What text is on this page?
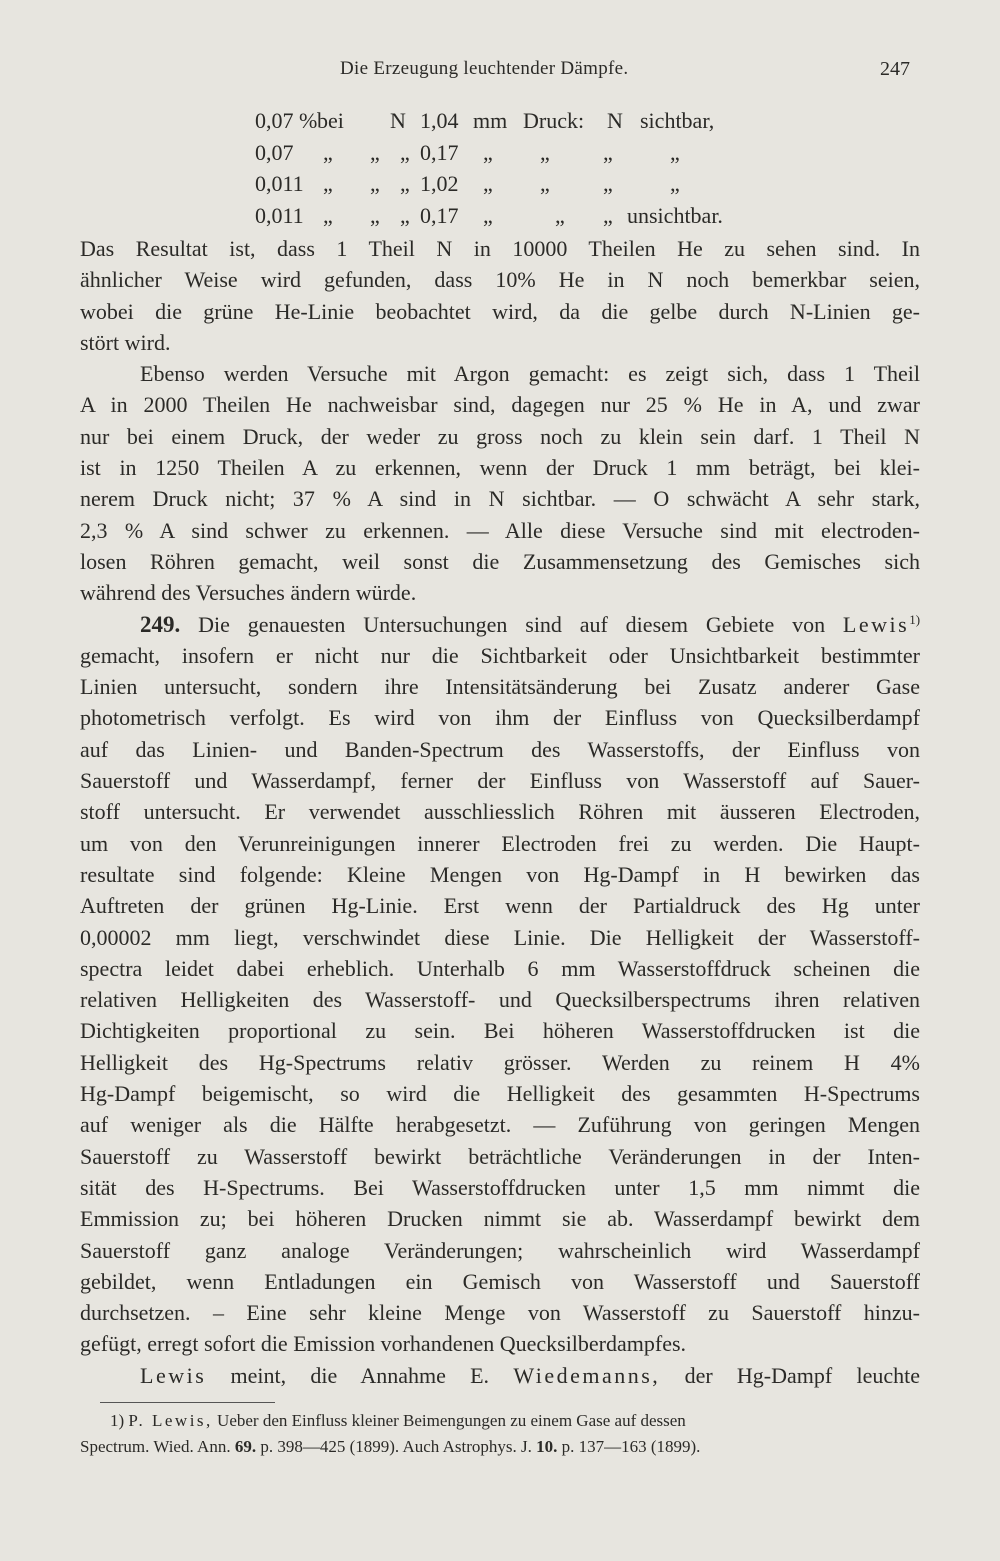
Die Erzeugung leuchtender Dämpfe.	247
0,07 % bei N 1,04 mm Druck: N sichtbar,
0,07 „ „ „ 0,17 „ „ „	„
0,011 „ „ „ 1,02 „ „ „	„
0,011 „ „ „ 0,17 „	„ „ unsichtbar.
Das Resultat ist, dass 1 Theil N in 10000 Theilen He zu sehen sind. In
ähnlicher Weise wird gefunden, dass 10% He in N noch bemerkbar seien,
wobei die grüne He-Linie beobachtet wird, da die gelbe durch N-Linien ge-
stört wird.
Ebenso werden Versuche mit Argon gemacht: es zeigt sich, dass 1 Theil
A in 2000 Theilen He nachweisbar sind, dagegen nur 25 % He in A, und zwar
nur bei einem Druck, der weder zu gross noch zu klein sein darf. 1 Theil N
ist in 1250 Theilen A zu erkennen, wenn der Druck 1 mm beträgt, bei klei-
nerem Druck nicht; 37 % A sind in N sichtbar. — O schwächt A sehr stark,
2,3 % A sind schwer zu erkennen. — Alle diese Versuche sind mit electroden-
losen Röhren gemacht, weil sonst die Zusammensetzung des Gemisches sich
während des Versuches ändern würde.
249. Die genauesten Untersuchungen sind auf diesem Gebiete von Lewis$^{1)}$
gemacht, insofern er nicht nur die Sichtbarkeit oder Unsichtbarkeit bestimmter
Linien untersucht, sondern ihre Intensitätsänderung bei Zusatz anderer Gase
photometrisch verfolgt. Es wird von ihm der Einfluss von Quecksilberdampf
auf das Linien- und Banden-Spectrum des Wasserstoffs, der Einfluss von
Sauerstoff und Wasserdampf, ferner der Einfluss von Wasserstoff auf Sauer-
stoff untersucht. Er verwendet ausschliesslich Röhren mit äusseren Electroden,
um von den Verunreinigungen innerer Electroden frei zu werden. Die Haupt-
resultate sind folgende: Kleine Mengen von Hg-Dampf in H bewirken das
Auftreten der grünen Hg-Linie. Erst wenn der Partialdruck des Hg unter
0,00002 mm liegt, verschwindet diese Linie. Die Helligkeit der Wasserstoff-
spectra leidet dabei erheblich. Unterhalb 6 mm Wasserstoffdruck scheinen die
relativen Helligkeiten des Wasserstoff- und Quecksilberspectrums ihren relativen
Dichtigkeiten proportional zu sein. Bei höheren Wasserstoffdrucken ist die
Helligkeit des Hg-Spectrums relativ grösser. Werden zu reinem H 4%
Hg-Dampf beigemischt, so wird die Helligkeit des gesammten H-Spectrums
auf weniger als die Hälfte herabgesetzt. — Zuführung von geringen Mengen
Sauerstoff zu Wasserstoff bewirkt beträchtliche Veränderungen in der Inten-
sität des H-Spectrums. Bei Wasserstoffdrucken unter 1,5 mm nimmt die
Emmission zu; bei höheren Drucken nimmt sie ab. Wasserdampf bewirkt dem
Sauerstoff ganz analoge Veränderungen; wahrscheinlich wird Wasserdampf
gebildet, wenn Entladungen ein Gemisch von Wasserstoff und Sauerstoff
durchsetzen. – Eine sehr kleine Menge von Wasserstoff zu Sauerstoff hinzu-
gefügt, erregt sofort die Emission vorhandenen Quecksilberdampfes.
Lewis meint, die Annahme E. Wiedemanns, der Hg-Dampf leuchte
1) P. Lewis, Ueber den Einfluss kleiner Beimengungen zu einem Gase auf dessen
Spectrum. Wied. Ann. 69. p. 398—425 (1899). Auch Astrophys. J. 10. p. 137—163 (1899).
